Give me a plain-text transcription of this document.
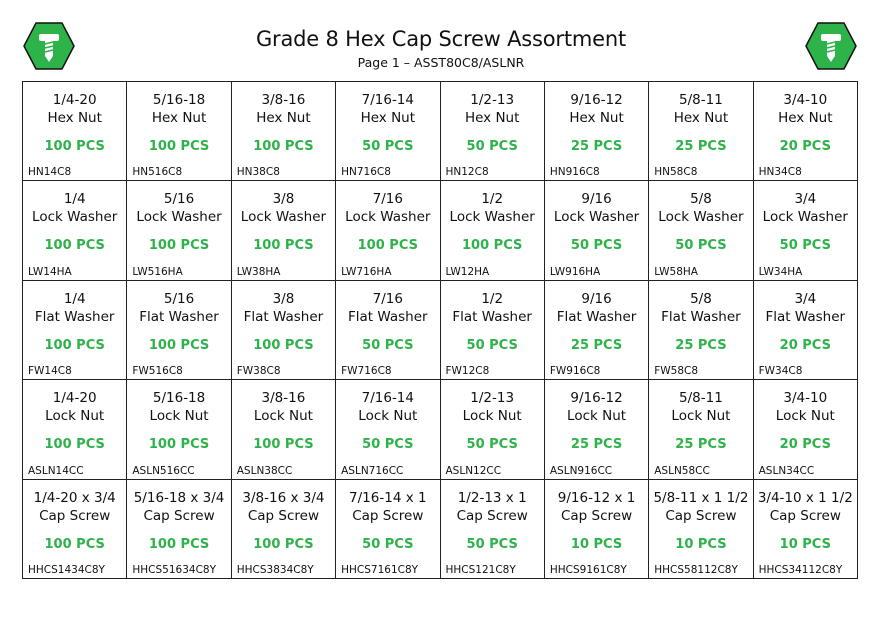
Grade 8 Hex Cap Screw Assortment
Page 1 – ASST80C8/ASLNR
1/4-20
Hex Nut
100 PCS
HN14C8
5/16-18
Hex Nut
100 PCS
HN516C8
3/8-16
Hex Nut
100 PCS
HN38C8
7/16-14
Hex Nut
50 PCS
HN716C8
1/2-13
Hex Nut
50 PCS
HN12C8
9/16-12
Hex Nut
25 PCS
HN916C8
5/8-11
Hex Nut
25 PCS
HN58C8
3/4-10
Hex Nut
20 PCS
HN34C8
1/4
Lock Washer
100 PCS
LW14HA
5/16
Lock Washer
100 PCS
LW516HA
3/8
Lock Washer
100 PCS
LW38HA
7/16
Lock Washer
100 PCS
LW716HA
1/2
Lock Washer
100 PCS
LW12HA
9/16
Lock Washer
50 PCS
LW916HA
5/8
Lock Washer
50 PCS
LW58HA
3/4
Lock Washer
50 PCS
LW34HA
1/4
Flat Washer
100 PCS
FW14C8
5/16
Flat Washer
100 PCS
FW516C8
3/8
Flat Washer
100 PCS
FW38C8
7/16
Flat Washer
50 PCS
FW716C8
1/2
Flat Washer
50 PCS
FW12C8
9/16
Flat Washer
25 PCS
FW916C8
5/8
Flat Washer
25 PCS
FW58C8
3/4
Flat Washer
20 PCS
FW34C8
1/4-20
Lock Nut
100 PCS
ASLN14CC
5/16-18
Lock Nut
100 PCS
ASLN516CC
3/8-16
Lock Nut
100 PCS
ASLN38CC
7/16-14
Lock Nut
50 PCS
ASLN716CC
1/2-13
Lock Nut
50 PCS
ASLN12CC
9/16-12
Lock Nut
25 PCS
ASLN916CC
5/8-11
Lock Nut
25 PCS
ASLN58CC
3/4-10
Lock Nut
20 PCS
ASLN34CC
1/4-20 x 3/4
Cap Screw
100 PCS
HHCS1434C8Y
5/16-18 x 3/4
Cap Screw
100 PCS
HHCS51634C8Y
3/8-16 x 3/4
Cap Screw
100 PCS
HHCS3834C8Y
7/16-14 x 1
Cap Screw
50 PCS
HHCS7161C8Y
1/2-13 x 1
Cap Screw
50 PCS
HHCS121C8Y
9/16-12 x 1
Cap Screw
10 PCS
HHCS9161C8Y
5/8-11 x 1 1/2
Cap Screw
10 PCS
HHCS58112C8Y
3/4-10 x 1 1/2
Cap Screw
10 PCS
HHCS34112C8Y
